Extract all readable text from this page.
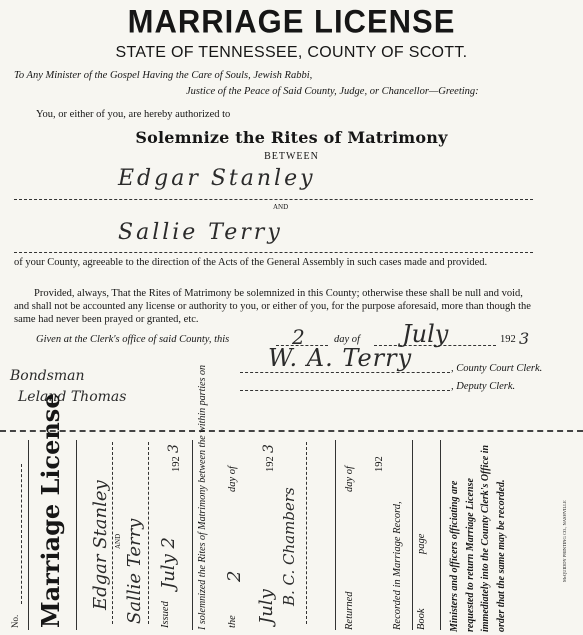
MARRIAGE LICENSE
STATE OF TENNESSEE, COUNTY OF SCOTT.
To Any Minister of the Gospel Having the Care of Souls, Jewish Rabbi,
Justice of the Peace of Said County, Judge, or Chancellor—Greeting:
You, or either of you, are hereby authorized to
Solemnize the Rites of Matrimony
BETWEEN
Edgar Stanley
AND
Sallie Terry
of your County, agreeable to the direction of the Acts of the General Assembly in such cases made and provided.
Provided, always, That the Rites of Matrimony be solemnized in this County; otherwise these shall be null and void, and shall not be accounted any license or authority to you, or either of you, for the purpose aforesaid, more than though the same had never been prayed or granted, etc.
Given at the Clerk's office of said County, this	2	day of July	192 3
W. A. Terry	, County Court Clerk.
, Deputy Clerk.
Bondsman
Leland Thomas
No. Marriage License Edgar Stanley AND Sallie Terry Issued
July 2
192
3 I solemnized the Rites of Matrimony between the within parties on the
2
day of
July
192
3
B. C. Chambers
Returned
day of
192
Recorded in Marriage Record, Book
page Ministers and officers officiating are requested to return Marriage License immediately into the County Clerk's Office in order that the same may be recorded.	McQUIDDY PRINTING CO., NASHVILLE
